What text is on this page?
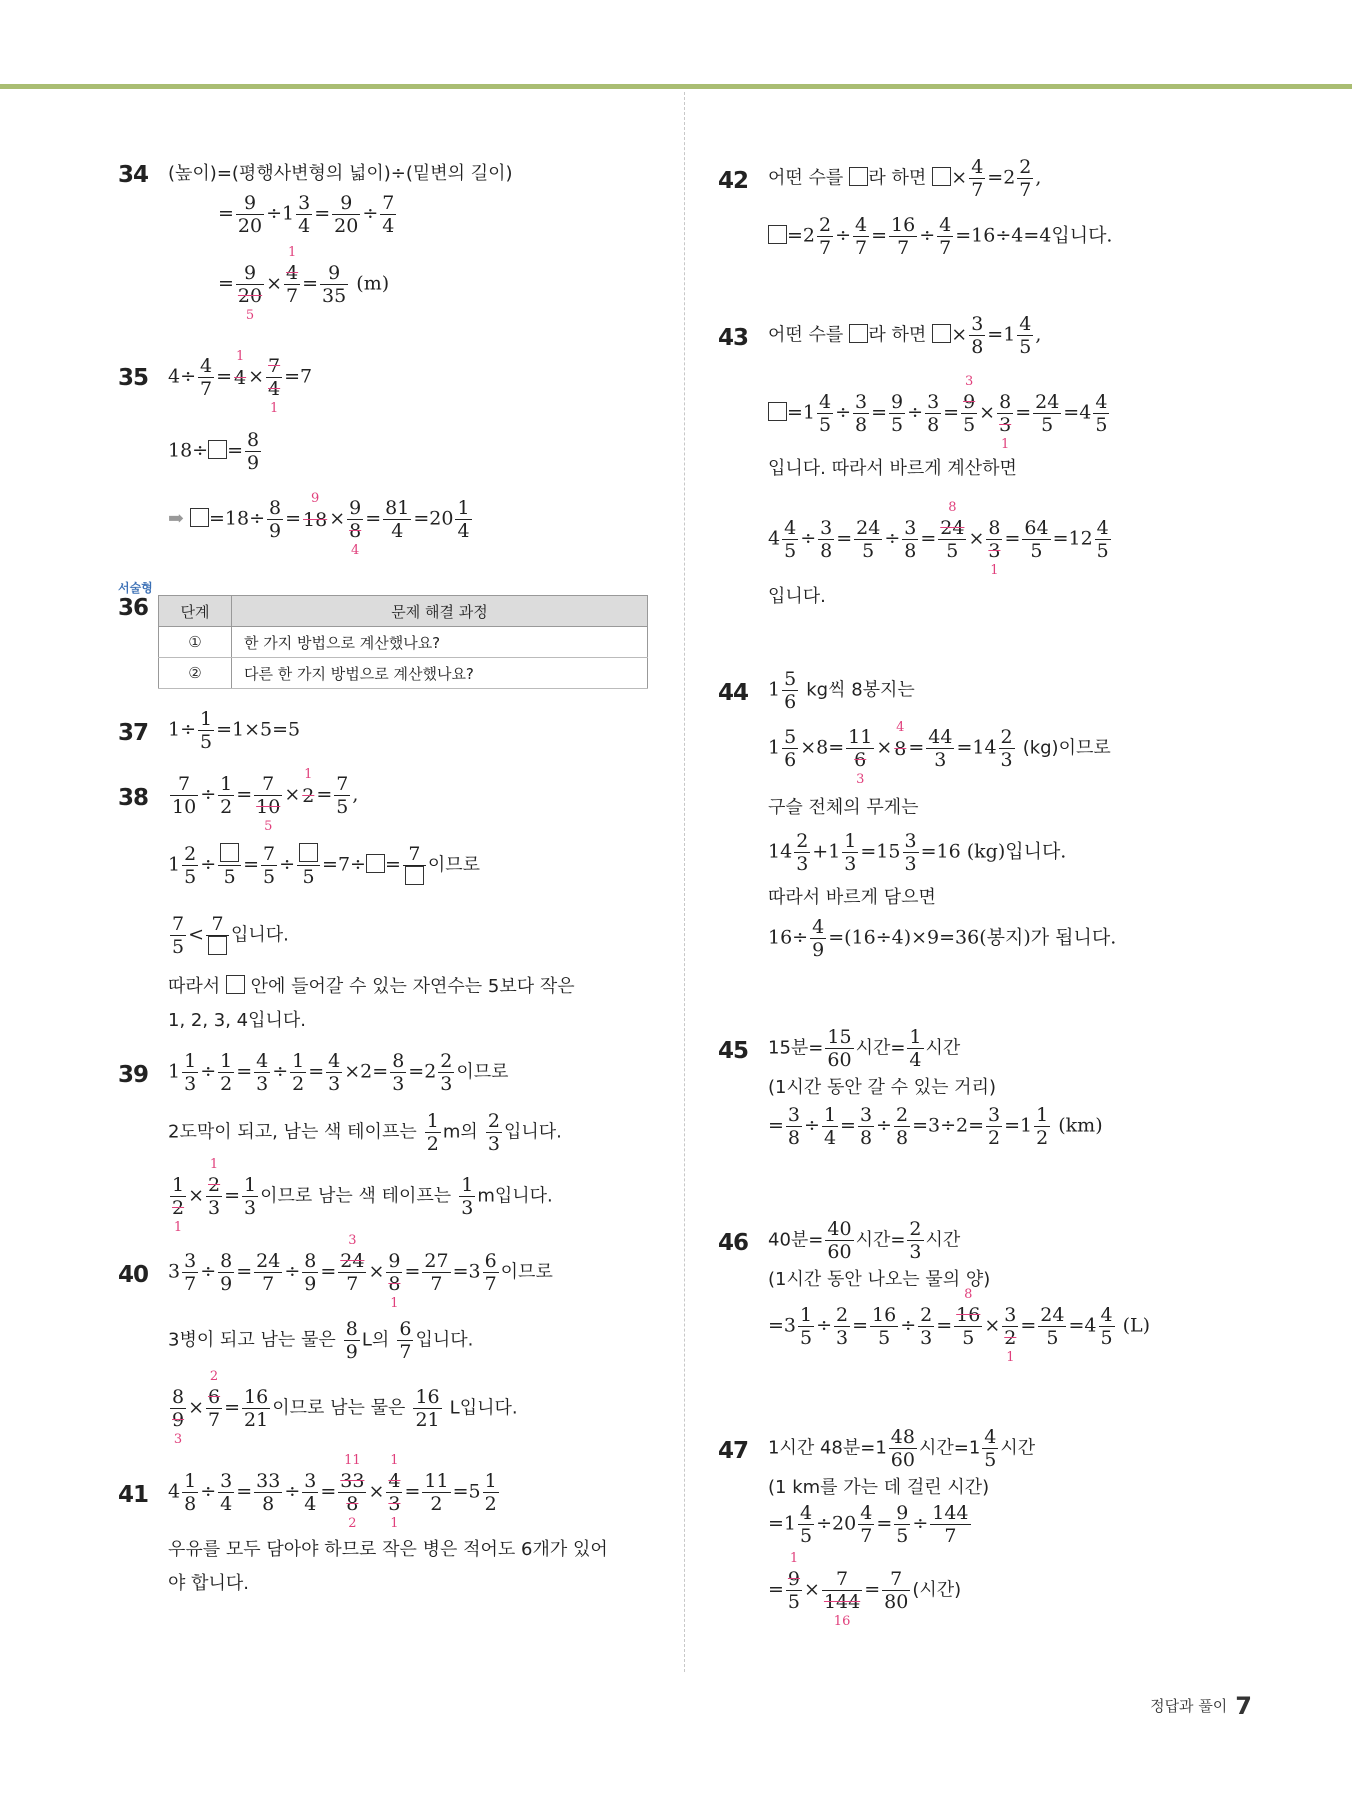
34 (높이)=(평행사변형의 넓이)÷(밑변의 길이)
= $\frac{9}{20} \div 1 \frac{3}{4} = \frac{9}{20} \div \frac{7}{4}$
= 9
20
5
×
1
4
7
= $\frac{9}{35} (m)$
35 $4\div \frac{4}{7}$ =
1
4 × 7
4
1
=7
$18\div = \frac{8}{9}$
➡ $=18\div \frac{8}{9}$ =
9
18 × 9
8
4
= $\frac{81}{4} =20 \frac{1}{4}$
서술형
36 단계	문제 해결 과정
①	한 가지 방법으로 계산했나요?
②	다른 한 가지 방법으로 계산했나요?
37 $1\div \frac{1}{5} =1\times 5=5$
$38 \frac{7}{10} \div \frac{1}{2} = 7$
10
5
×
1
$2 = \frac{7}{5}$ ,
$1 \frac{2}{5}$ ÷
5
= $\frac{7}{5}$ ÷
5
=7÷ = 7 이므로
$\frac{7}{5} < 7$ 입니다.
따라서 안에 들어갈 수 있는 자연수는 5보다 작은
1, 2, 3, 4입니다.
39 $1 \frac{1}{3} \div \frac{1}{2} = \frac{4}{3} \div \frac{1}{2} = \frac{4}{3} \times 2= \frac{8}{3} =2 \frac{2}{3}$ 이므로
2도막이 되고, 남는 색 테이프는 $\frac{1}{2}$ m의 $\frac{2}{3}$ 입니다.
1
2
1
×
1
2
3
= $\frac{1}{3}$ 이므로 남는 색 테이프는 $\frac{1}{3}$ m입니다.
40 $3 \frac{3}{7} \div \frac{8}{9} = \frac{24}{7} \div \frac{8}{9}$ =
3
24
7
× 9
8
1
= $\frac{27}{7} =3 \frac{6}{7}$ 이므로
3병이 되고 남는 물은 $\frac{8}{9}$ L의 $\frac{6}{7}$ 입니다.
8
9
3
×
2
6
7
= $\frac{16}{21}$ 이므로 남는 물은 $\frac{16}{21}$ L입니다.
41 $4 \frac{1}{8} \div \frac{3}{4} = \frac{33}{8} \div \frac{3}{4}$ =
11
33
8
2
×
1
4
3
1
= $\frac{11}{2} =5 \frac{1}{2}$
우유를 모두 담아야 하므로 작은 병은 적어도 6개가 있어
야 합니다.
42 어떤 수를 라 하면 × $\frac{4}{7} =2 \frac{2}{7}$ ,
$=2 \frac{2}{7} \div \frac{4}{7} = \frac{16}{7} \div \frac{4}{7} =16\div 4=4$입니다.
43 어떤 수를 라 하면 × $\frac{3}{8} =1 \frac{4}{5}$ ,
$=1 \frac{4}{5} \div \frac{3}{8} = \frac{9}{5} \div \frac{3}{8}$ =
3
9
5
× 8
3
1
= $\frac{24}{5} =4 \frac{4}{5}$
입니다. 따라서 바르게 계산하면
$4 \frac{4}{5} \div \frac{3}{8} = \frac{24}{5} \div \frac{3}{8}$ =
8
24
5
× 8
3
1
= $\frac{64}{5} =12 \frac{4}{5}$
입니다.
44 $1 \frac{5}{6}$ kg씩 8봉지는
$1 \frac{5}{6} \times 8= 11$
6
3
×
4
$8 = \frac{44}{3} =14 \frac{2}{3} (kg)$이므로
구슬 전체의 무게는
$14 \frac{2}{3} +1 \frac{1}{3} =15 \frac{3}{3} =16$ (kg)입니다.
따라서 바르게 담으면
$16\div \frac{4}{9} =(16\div 4)\times 9=36$(봉지)가 됩니다.
45 15분= $\frac{15}{60}$ 시간= $\frac{1}{4}$ 시간
(1시간 동안 갈 수 있는 거리)
= $\frac{3}{8} \div \frac{1}{4} = \frac{3}{8} \div \frac{2}{8} =3\div 2= \frac{3}{2} =1 \frac{1}{2} (km)$
46 40분= $\frac{40}{60}$ 시간= $\frac{2}{3}$ 시간
(1시간 동안 나오는 물의 양)
$=3 \frac{1}{5} \div \frac{2}{3} = \frac{16}{5} \div \frac{2}{3}$ =
8
16
5
× 3
2
1
= $\frac{24}{5} =4 \frac{4}{5} (L)$
47 1시간 48분$=1 \frac{48}{60}$ 시간$=1 \frac{4}{5}$ 시간
(1 km를 가는 데 걸린 시간)
$=1 \frac{4}{5} \div 20 \frac{4}{7} = \frac{9}{5} \div \frac{144}{7}$
=
1
9
5
× 7
144
16
= $\frac{7}{80}$ (시간)
정답과 풀이 7
